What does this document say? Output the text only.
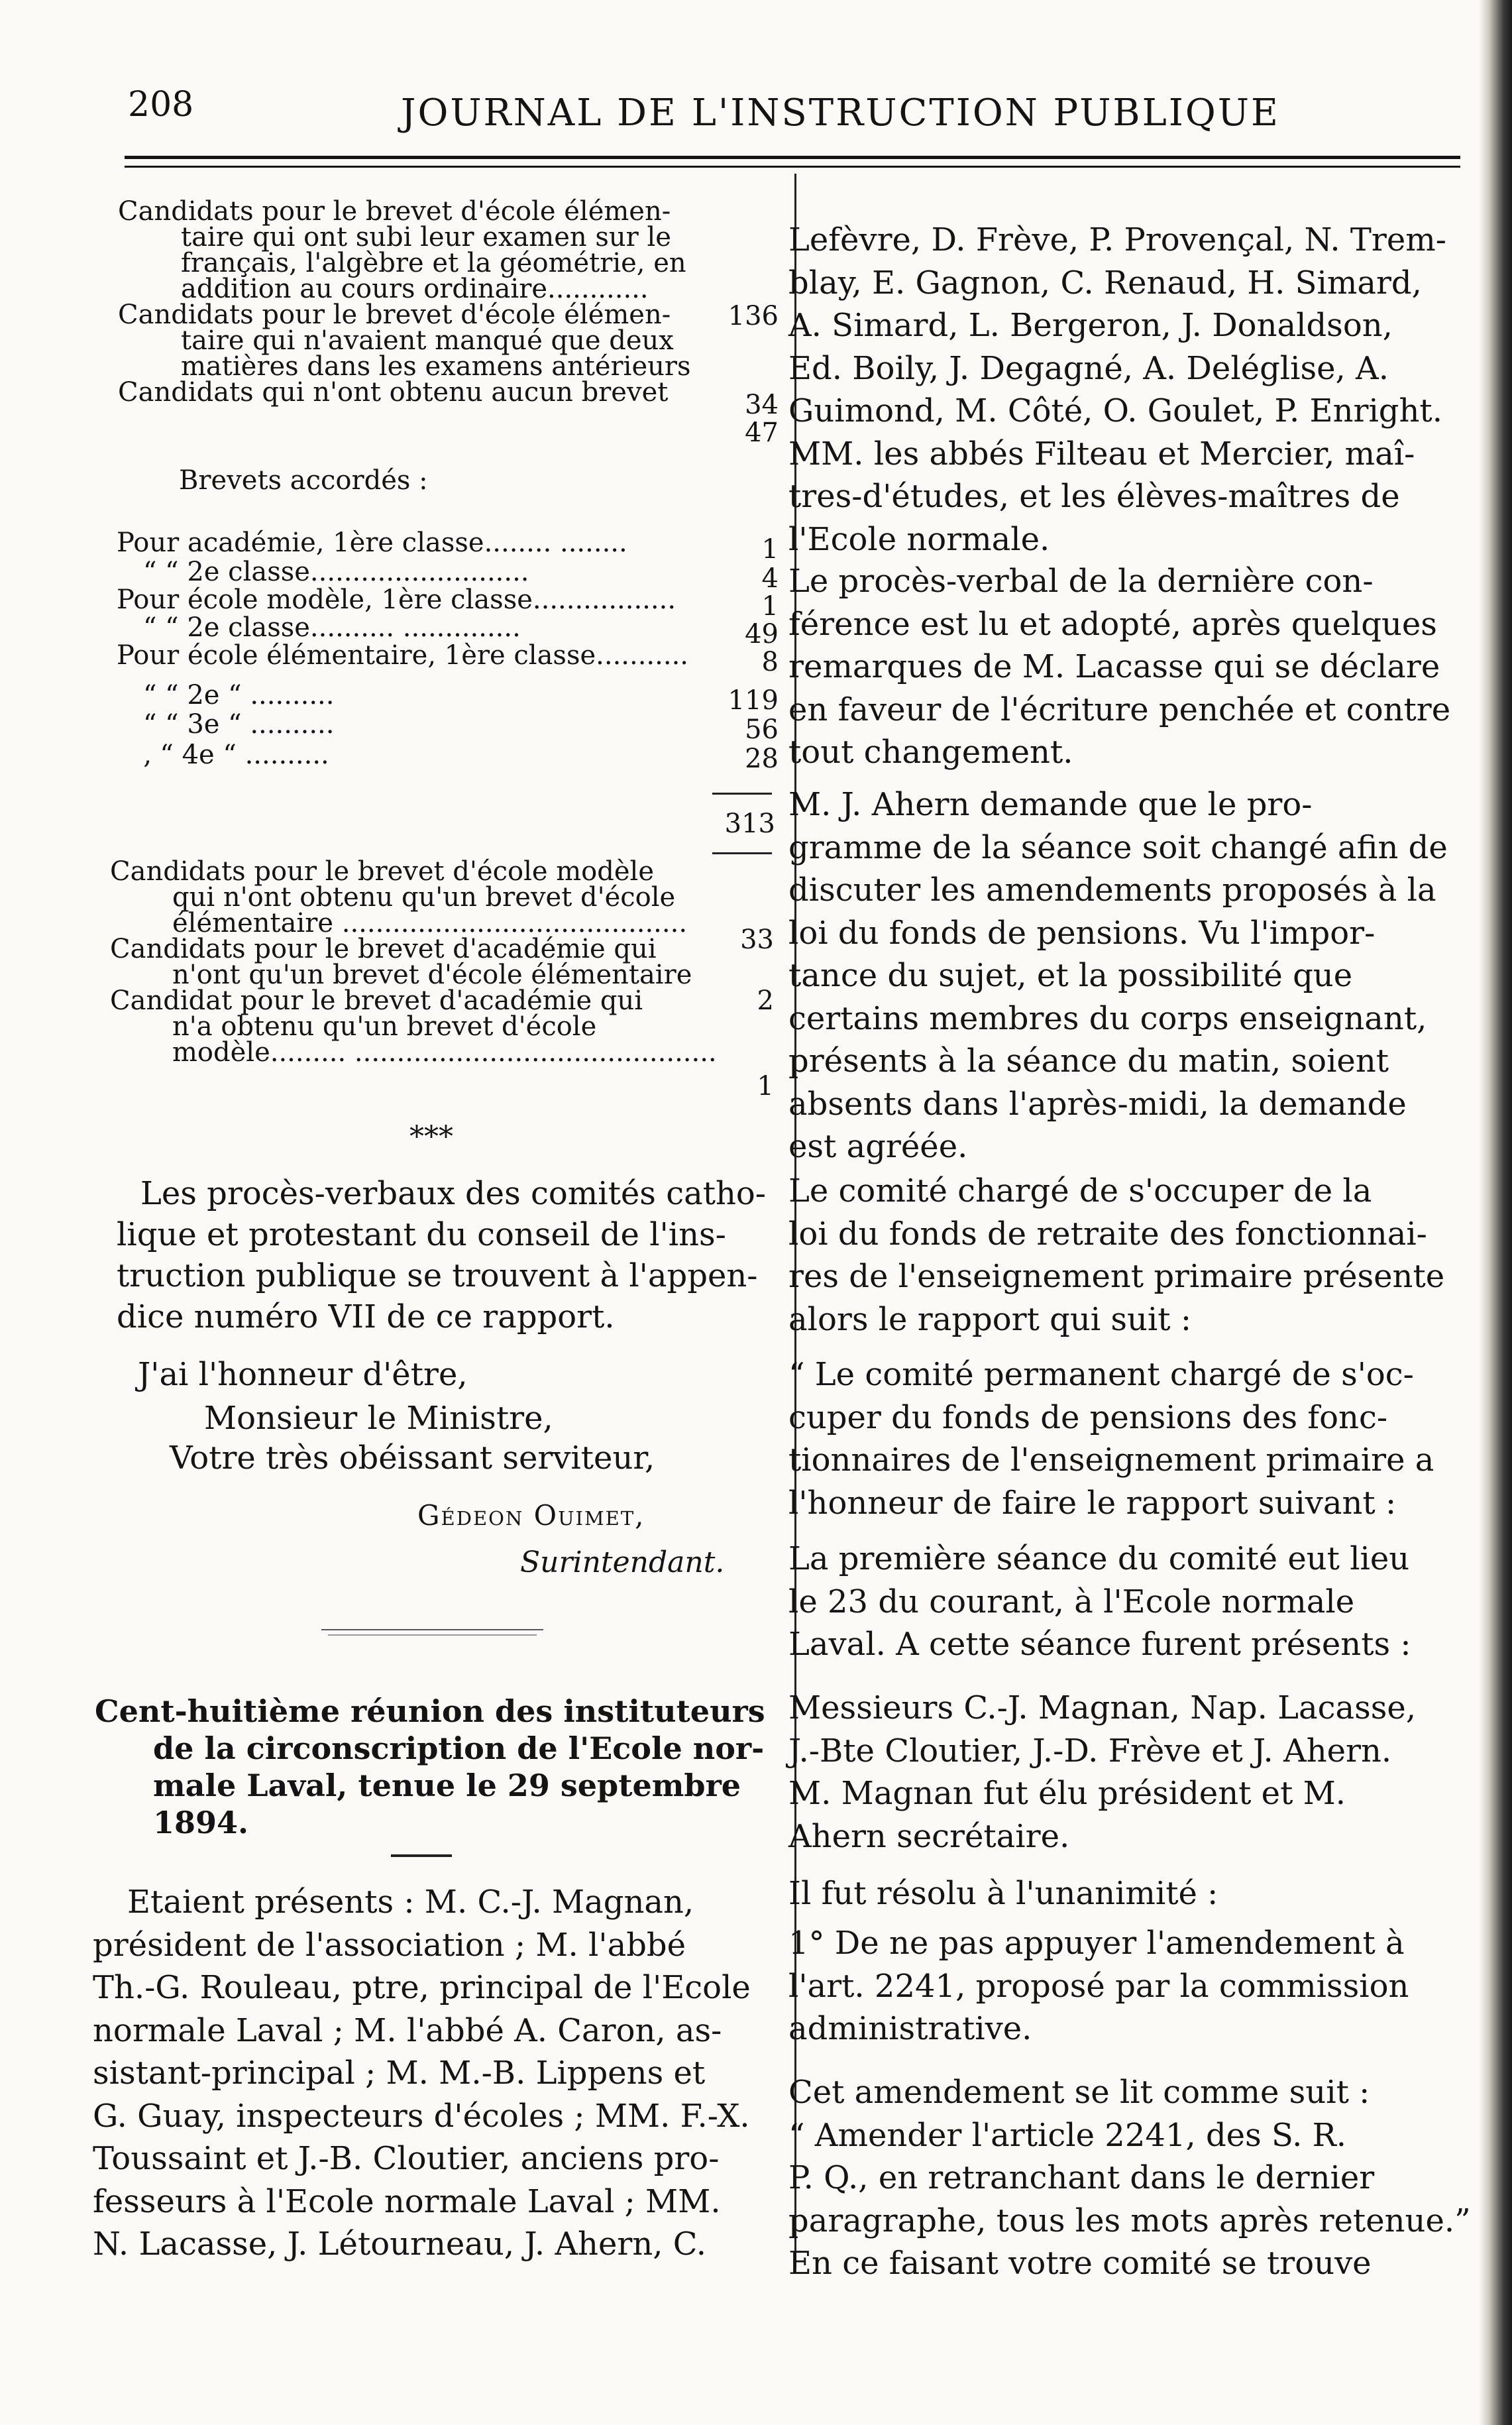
208	JOURNAL DE L'INSTRUCTION PUBLIQUE
Candidats pour le brevet d'école élémen-
taire qui ont subi leur examen sur le
français, l'algèbre et la géométrie, en
addition au cours ordinaire............
Candidats pour le brevet d'école élémen-
taire qui n'avaient manqué que deux
matières dans les examens antérieurs
Candidats qui n'ont obtenu aucun brevet
136
34
47
Brevets accordés :
Pour académie, 1ère classe........ ........
“ “ 2e classe..........................
Pour école modèle, 1ère classe.................
“ “ 2e classe.......... ..............
Pour école élémentaire, 1ère classe...........
“ “ 2e “ ..........
“ “ 3e “ ..........
‚ “ 4e “ ..........
1
4
1
49
8
119
56
28
313
Candidats pour le brevet d'école modèle
qui n'ont obtenu qu'un brevet d'école
élémentaire .........................................
Candidats pour le brevet d'académie qui
n'ont qu'un brevet d'école élémentaire
Candidat pour le brevet d'académie qui
n'a obtenu qu'un brevet d'école
modèle......... ...........................................
33
2
1
***
Les procès-verbaux des comités catho-
lique et protestant du conseil de l'ins-
truction publique se trouvent à l'appen-
dice numéro VII de ce rapport.
J'ai l'honneur d'être,
Monsieur le Ministre,
Votre très obéissant serviteur,
Gédeon Ouimet,
Surintendant.
Cent-huitième réunion des instituteurs
de la circonscription de l'Ecole nor-
male Laval, tenue le 29 septembre
1894.
Etaient présents : M. C.-J. Magnan,
président de l'association ; M. l'abbé
Th.-G. Rouleau, ptre, principal de l'Ecole
normale Laval ; M. l'abbé A. Caron, as-
sistant-principal ; M. M.-B. Lippens et
G. Guay, inspecteurs d'écoles ; MM. F.-X.
Toussaint et J.-B. Cloutier, anciens pro-
fesseurs à l'Ecole normale Laval ; MM.
N. Lacasse, J. Létourneau, J. Ahern, C.
Lefèvre, D. Frève, P. Provençal, N. Trem-
blay, E. Gagnon, C. Renaud, H. Simard,
A. Simard, L. Bergeron, J. Donaldson,
Ed. Boily, J. Degagné, A. Deléglise, A.
Guimond, M. Côté, O. Goulet, P. Enright.
MM. les abbés Filteau et Mercier, maî-
tres-d'études, et les élèves-maîtres de
l'Ecole normale.
Le procès-verbal de la dernière con-
férence est lu et adopté, après quelques
remarques de M. Lacasse qui se déclare
en faveur de l'écriture penchée et contre
tout changement.
M. J. Ahern demande que le pro-
gramme de la séance soit changé afin de
discuter les amendements proposés à la
loi du fonds de pensions. Vu l'impor-
tance du sujet, et la possibilité que
certains membres du corps enseignant,
présents à la séance du matin, soient
absents dans l'après-midi, la demande
est agréée.
Le comité chargé de s'occuper de la
loi du fonds de retraite des fonctionnai-
res de l'enseignement primaire présente
alors le rapport qui suit :
“ Le comité permanent chargé de s'oc-
cuper du fonds de pensions des fonc-
tionnaires de l'enseignement primaire a
l'honneur de faire le rapport suivant :
La première séance du comité eut lieu
le 23 du courant, à l'Ecole normale
Laval. A cette séance furent présents :
Messieurs C.-J. Magnan, Nap. Lacasse,
J.-Bte Cloutier, J.-D. Frève et J. Ahern.
M. Magnan fut élu président et M.
Ahern secrétaire.
Il fut résolu à l'unanimité :
1° De ne pas appuyer l'amendement à
l'art. 2241, proposé par la commission
administrative.
Cet amendement se lit comme suit :
“ Amender l'article 2241, des S. R.
P. Q., en retranchant dans le dernier
paragraphe, tous les mots après retenue.”
En ce faisant votre comité se trouve
